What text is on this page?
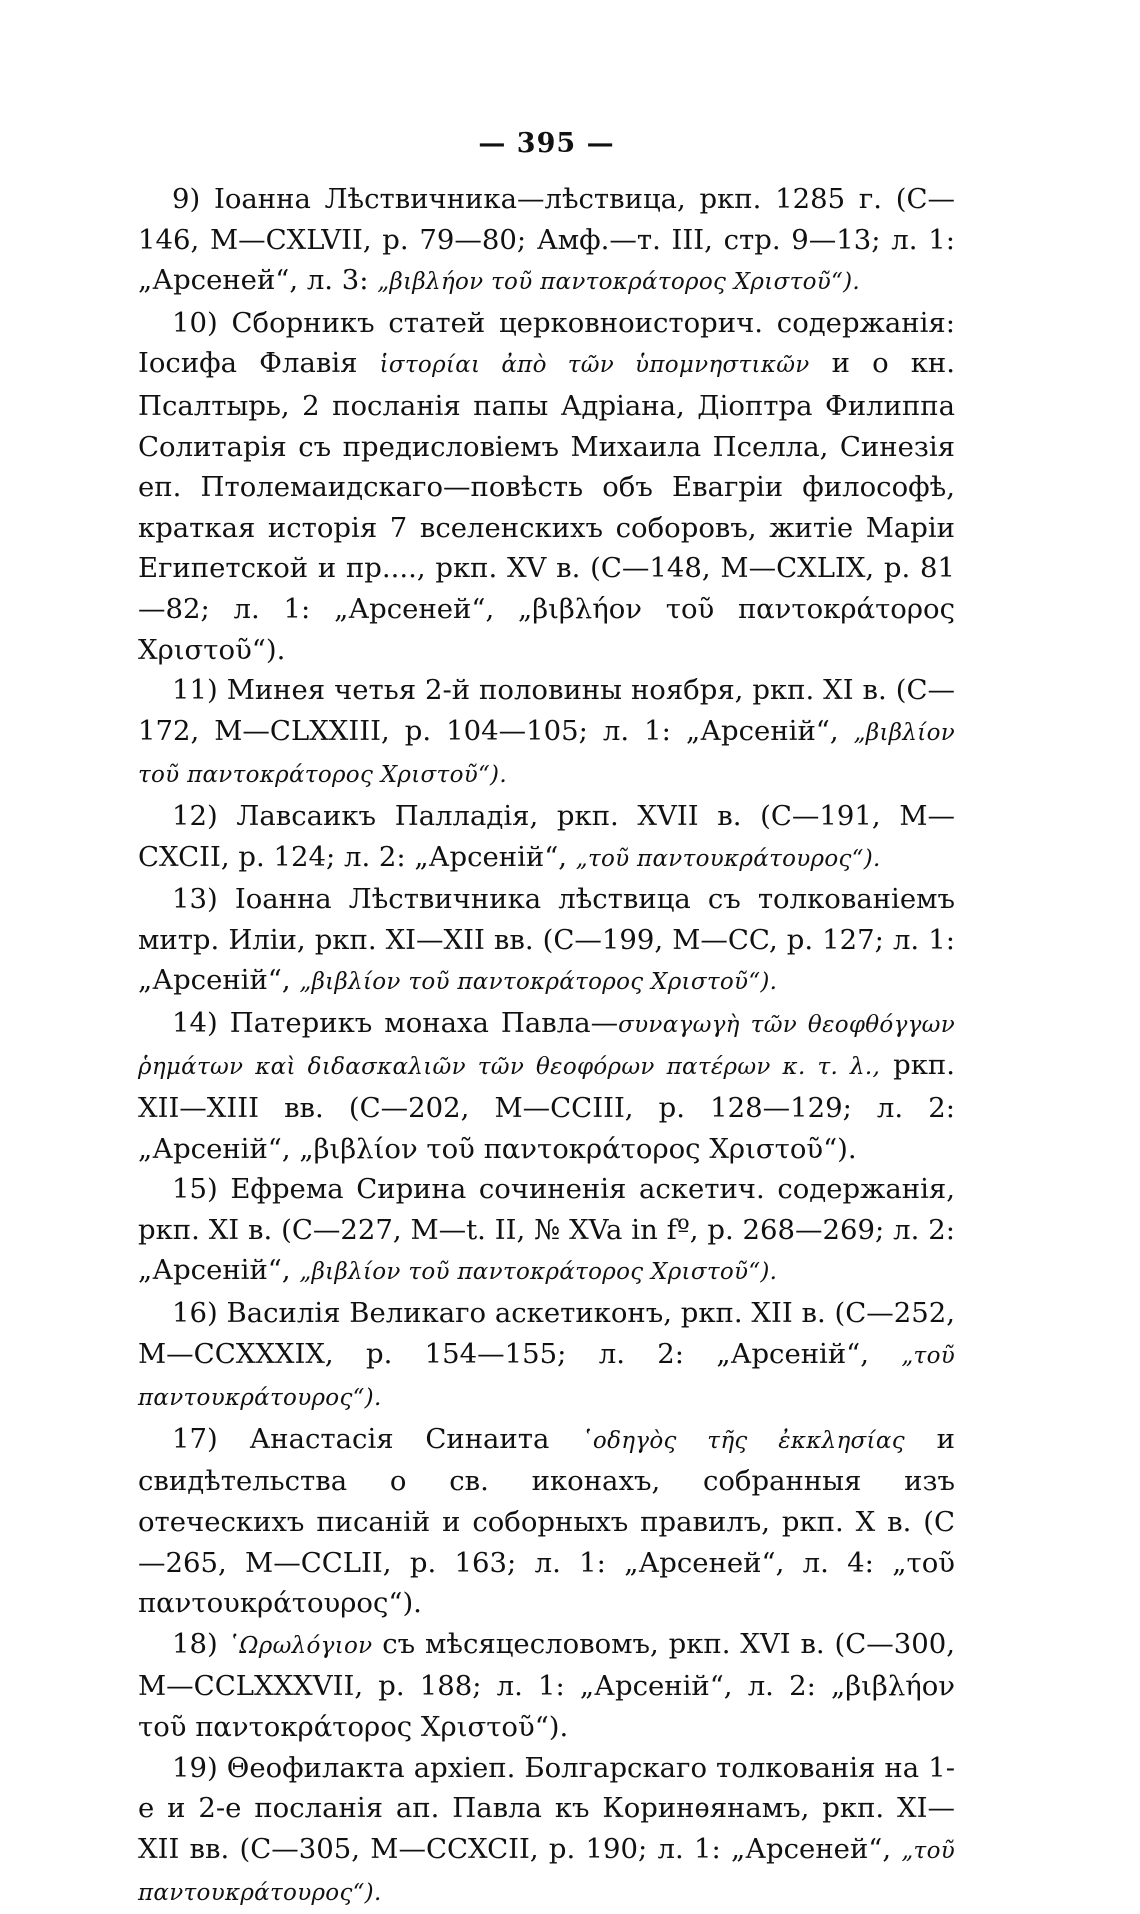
— 395 —

9) Іоанна Лѣствичника—лѣствица, ркп. 1285 г. (С—146, М—CXLVII, р. 79—80; Амф.—т. III, стр. 9—13; л. 1: „Арсеней“, л. 3: „βιβλήον τοῦ παντοκράτορος Χριστοῦ“).

10) Сборникъ статей церковноисторич. содержанія: Іосифа Флавія ἱστορίαι ἀπὸ τῶν ὑπομνηστικῶν и о кн. Псалтырь, 2 посланія папы Адріана, Діоптра Филиппа Солитарія съ предисловіемъ Михаила Пселла, Синезія еп. Птолемаидскаго—повѣсть объ Евагріи философѣ, краткая исторія 7 вселенскихъ соборовъ, житіе Маріи Египетской и пр...., ркп. XV в. (С—148, М—CXLIX, р. 81—82; л. 1: „Арсеней“, „βιβλήον τοῦ παντοκράτορος Χριστοῦ“).

11) Минея четья 2-й половины ноября, ркп. XI в. (С—172, М—CLXXIII, р. 104—105; л. 1: „Арсеній“, „βιβλίον τοῦ παντοκράτορος Χριστοῦ“).

12) Лавсаикъ Палладія, ркп. XVII в. (С—191, М—CXCII, р. 124; л. 2: „Арсеній“, „τοῦ παντουκράτουρος“).

13) Іоанна Лѣствичника лѣствица съ толкованіемъ митр. Иліи, ркп. XI—XII вв. (С—199, М—CC, р. 127; л. 1: „Арсеній“, „βιβλίον τοῦ παντοκράτορος Χριστοῦ“).

14) Патерикъ монаха Павла—συναγωγὴ τῶν θεοφθόγγων ῥημάτων καὶ διδασκαλιῶν τῶν θεοφόρων πατέρων κ. τ. λ., ркп. XII—XIII вв. (С—202, М—CCIII, р. 128—129; л. 2: „Арсеній“, „βιβλίον τοῦ παντοκράτορος Χριστοῦ“).

15) Ефрема Сирина сочиненія аскетич. содержанія, ркп. XI в. (С—227, М—t. II, № XVa in fº, р. 268—269; л. 2: „Арсеній“, „βιβλίον τοῦ παντοκράτορος Χριστοῦ“).

16) Василія Великаго аскетиконъ, ркп. XII в. (С—252, М—CCXXXIX, р. 154—155; л. 2: „Арсеній“, „τοῦ παντουκράτουρος“).

17) Анастасія Синаита ῾οδηγὸς τῆς ἐκκλησίας и свидѣтельства о св. иконахъ, собранныя изъ отеческихъ писаній и соборныхъ правилъ, ркп. X в. (С—265, М—CCLII, р. 163; л. 1: „Арсеней“, л. 4: „τοῦ παντουκράτουρος“).

18) ῾Ωρωλόγιον съ мѣсяцесловомъ, ркп. XVI в. (С—300, М—CCLXXXVII, р. 188; л. 1: „Арсеній“, л. 2: „βιβλήον τοῦ παντοκράτορος Χριστοῦ“).

19) Θеофилакта архіеп. Болгарскаго толкованія на 1-е и 2-е посланія ап. Павла къ Коринѳянамъ, ркп. XI—XII вв. (С—305, М—CCXCII, р. 190; л. 1: „Арсеней“, „τοῦ παντουκράτουρος“).
